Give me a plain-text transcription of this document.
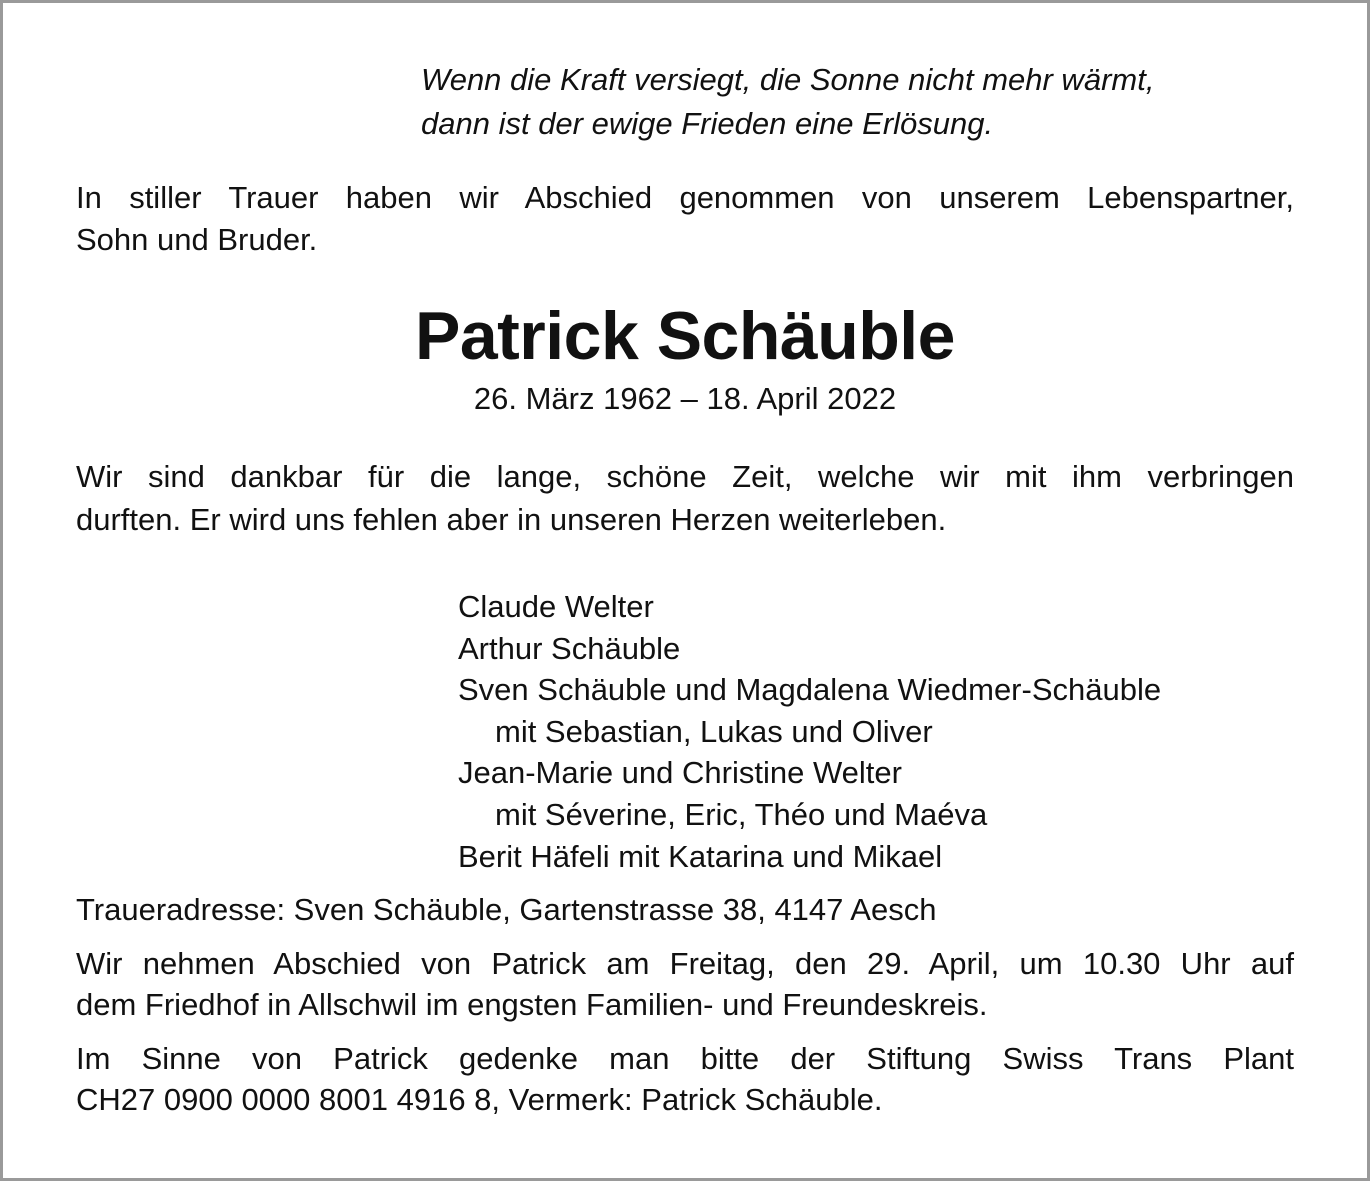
Wenn die Kraft versiegt, die Sonne nicht mehr wärmt,
dann ist der ewige Frieden eine Erlösung.
In stiller Trauer haben wir Abschied genommen von unserem Lebenspartner,
Sohn und Bruder.
Patrick Schäuble
26. März 1962 – 18. April 2022
Wir sind dankbar für die lange, schöne Zeit, welche wir mit ihm verbringen
durften. Er wird uns fehlen aber in unseren Herzen weiterleben.
Claude Welter
Arthur Schäuble
Sven Schäuble und Magdalena Wiedmer-Schäuble
mit Sebastian, Lukas und Oliver
Jean-Marie und Christine Welter
mit Séverine, Eric, Théo und Maéva
Berit Häfeli mit Katarina und Mikael
Traueradresse: Sven Schäuble, Gartenstrasse 38, 4147 Aesch
Wir nehmen Abschied von Patrick am Freitag, den 29. April, um 10.30 Uhr auf
dem Friedhof in Allschwil im engsten Familien- und Freundeskreis.
Im Sinne von Patrick gedenke man bitte der Stiftung Swiss Trans Plant
CH27 0900 0000 8001 4916 8, Vermerk: Patrick Schäuble.
